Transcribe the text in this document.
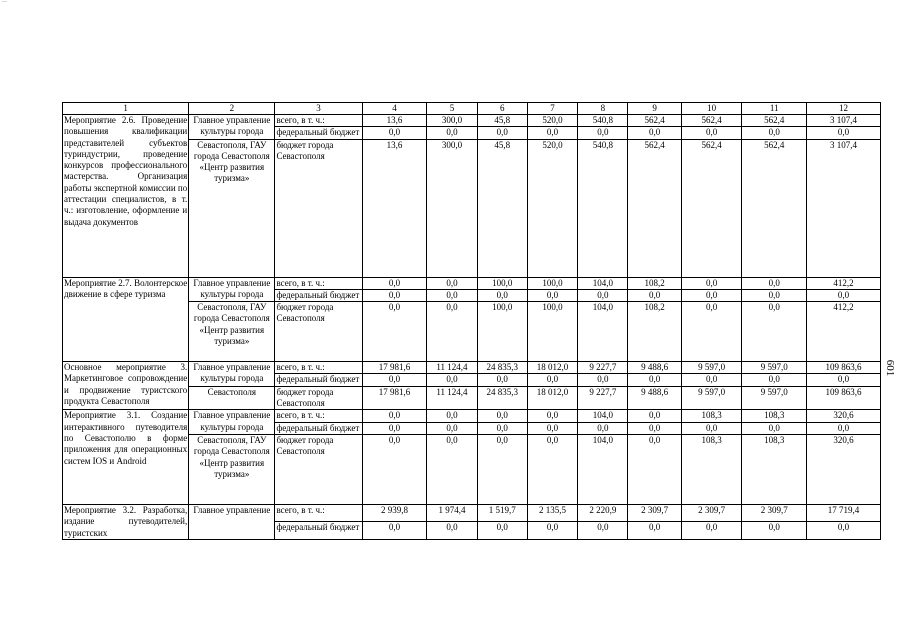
—
601
1	2	3	4	5	6	7	8	9	10	11	12
Мероприятие 2.6. Проведение повышения квалификации представителей субъектов туриндустрии, проведение конкурсов профессионального мастерства. Организация работы экспертной комиссии по аттестации специалистов, в т. ч.: изготовление, оформление и выдача документов	Главное управление культуры города	всего, в т. ч.:	13,6	300,0	45,8	520,0	540,8	562,4	562,4	562,4	3 107,4
		федеральный бюджет	0,0	0,0	0,0	0,0	0,0	0,0	0,0	0,0	0,0
	Севастополя, ГАУ города Севастополя «Центр развития туризма»	бюджет города Севастополя	13,6	300,0	45,8	520,0	540,8	562,4	562,4	562,4	3 107,4
Мероприятие 2.7. Волонтерское движение в сфере туризма	Главное управление культуры города	всего, в т. ч.:	0,0	0,0	100,0	100,0	104,0	108,2	0,0	0,0	412,2
		федеральный бюджет	0,0	0,0	0,0	0,0	0,0	0,0	0,0	0,0	0,0
	Севастополя, ГАУ города Севастополя «Центр развития туризма»	бюджет города Севастополя	0,0	0,0	100,0	100,0	104,0	108,2	0,0	0,0	412,2
Основное мероприятие 3. Маркетинговое сопровождение и продвижение туристского продукта Севастополя	Главное управление культуры города	всего, в т. ч.:	17 981,6	11 124,4	24 835,3	18 012,0	9 227,7	9 488,6	9 597,0	9 597,0	109 863,6
		федеральный бюджет	0,0	0,0	0,0	0,0	0,0	0,0	0,0	0,0	0,0
	Севастополя	бюджет города Севастополя	17 981,6	11 124,4	24 835,3	18 012,0	9 227,7	9 488,6	9 597,0	9 597,0	109 863,6
Мероприятие 3.1. Создание интерактивного путеводителя по Севастополю в форме приложения для операционных систем IOS и Android	Главное управление культуры города	всего, в т. ч.:	0,0	0,0	0,0	0,0	104,0	0,0	108,3	108,3	320,6
		федеральный бюджет	0,0	0,0	0,0	0,0	0,0	0,0	0,0	0,0	0,0
	Севастополя, ГАУ города Севастополя «Центр развития туризма»	бюджет города Севастополя	0,0	0,0	0,0	0,0	104,0	0,0	108,3	108,3	320,6
Мероприятие 3.2. Разработка, издание путеводителей, туристских	Главное управление	всего, в т. ч.:	2 939,8	1 974,4	1 519,7	2 135,5	2 220,9	2 309,7	2 309,7	2 309,7	17 719,4
		федеральный бюджет	0,0	0,0	0,0	0,0	0,0	0,0	0,0	0,0	0,0
